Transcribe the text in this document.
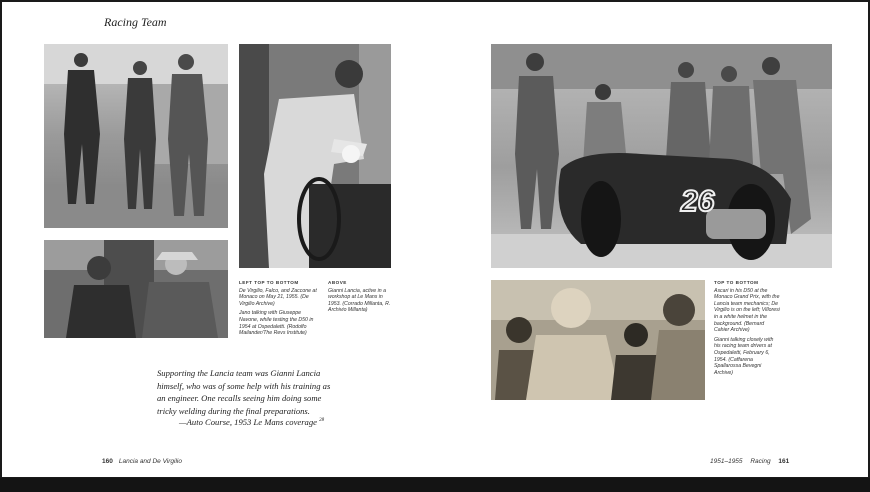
Racing Team
26
LEFT TOP TO BOTTOM
De Virgilio, Falco, and Zaccone at Monaco on May 21, 1955. (De Virgilio Archive)
Jano talking with Giuseppe Navone, while testing the D50 in 1954 at Ospedaletti. (Rodolfo Mailander/The Revs Institute)
ABOVE
Gianni Lancia, active in a workshop at Le Mans in 1953. (Corrado Millanta, R. Archivio Millanta)
TOP TO BOTTOM
Ascari in his D50 at the Monaco Grand Prix, with the Lancia team mechanics; De Virgilio is on the left; Villoresi in a white helmet in the background. (Bernard Cahier Archive)
Gianni talking closely with his racing team drivers at Ospedaletti, February 6, 1954. (Caffarena Spallarossa Bevegni Archive)
Supporting the Lancia team was Gianni Lancia himself, who was of some help with his training as an engineer. One recalls seeing him doing some tricky welding during the final preparations.
—Auto Course, 1953 Le Mans coverage $^{28}$
160 Lancia and De Virgilio	1951–1955 Racing 161
